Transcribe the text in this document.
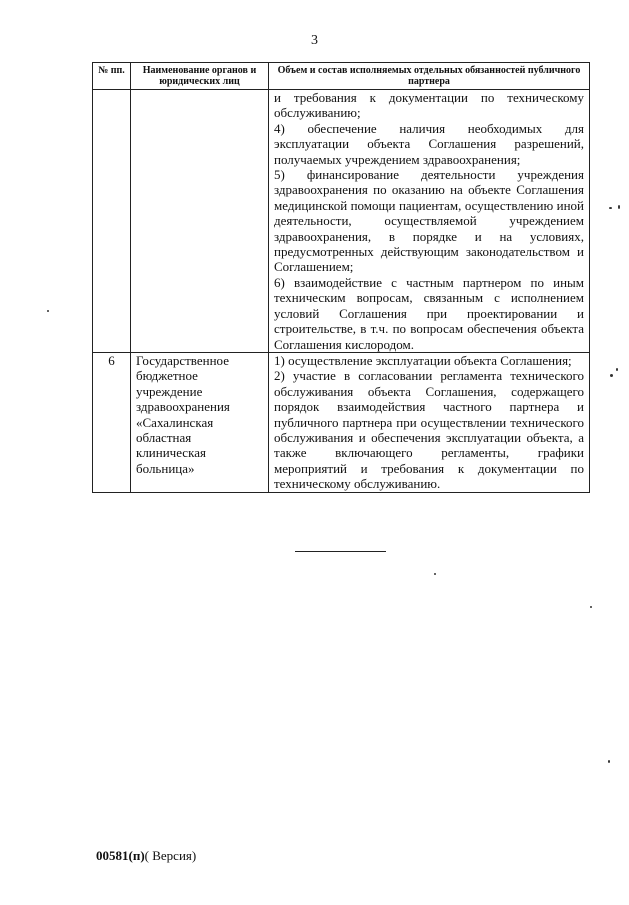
3
№ пп.	Наименование органов и юридических лиц	Объем и состав исполняемых отдельных обязанностей публичного партнера

		и требования к документации по техническому обслуживанию;
4) обеспечение наличия необходимых для эксплуатации объекта Соглашения разрешений, получаемых учреждением здравоохранения;
5) финансирование деятельности учреждения здравоохранения по оказанию на объекте Соглашения медицинской помощи пациентам, осуществлению иной деятельности, осуществляемой учреждением здравоохранения, в порядке и на условиях, предусмотренных действующим законодательством и Соглашением;
6) взаимодействие с частным партнером по иным техническим вопросам, связанным с исполнением условий Соглашения при проектировании и строительстве, в т.ч. по вопросам обеспечения объекта Соглашения кислородом.

6	Государственное бюджетное учреждение здравоохранения «Сахалинская областная клиническая больница»	1) осуществление эксплуатации объекта Соглашения;
2) участие в согласовании регламента технического обслуживания объекта Соглашения, содержащего порядок взаимодействия частного партнера и публичного партнера при осуществлении технического обслуживания и обеспечения эксплуатации объекта, а также включающего регламенты, графики мероприятий и требования к документации по техническому обслуживанию.
00581(п)( Версия)
